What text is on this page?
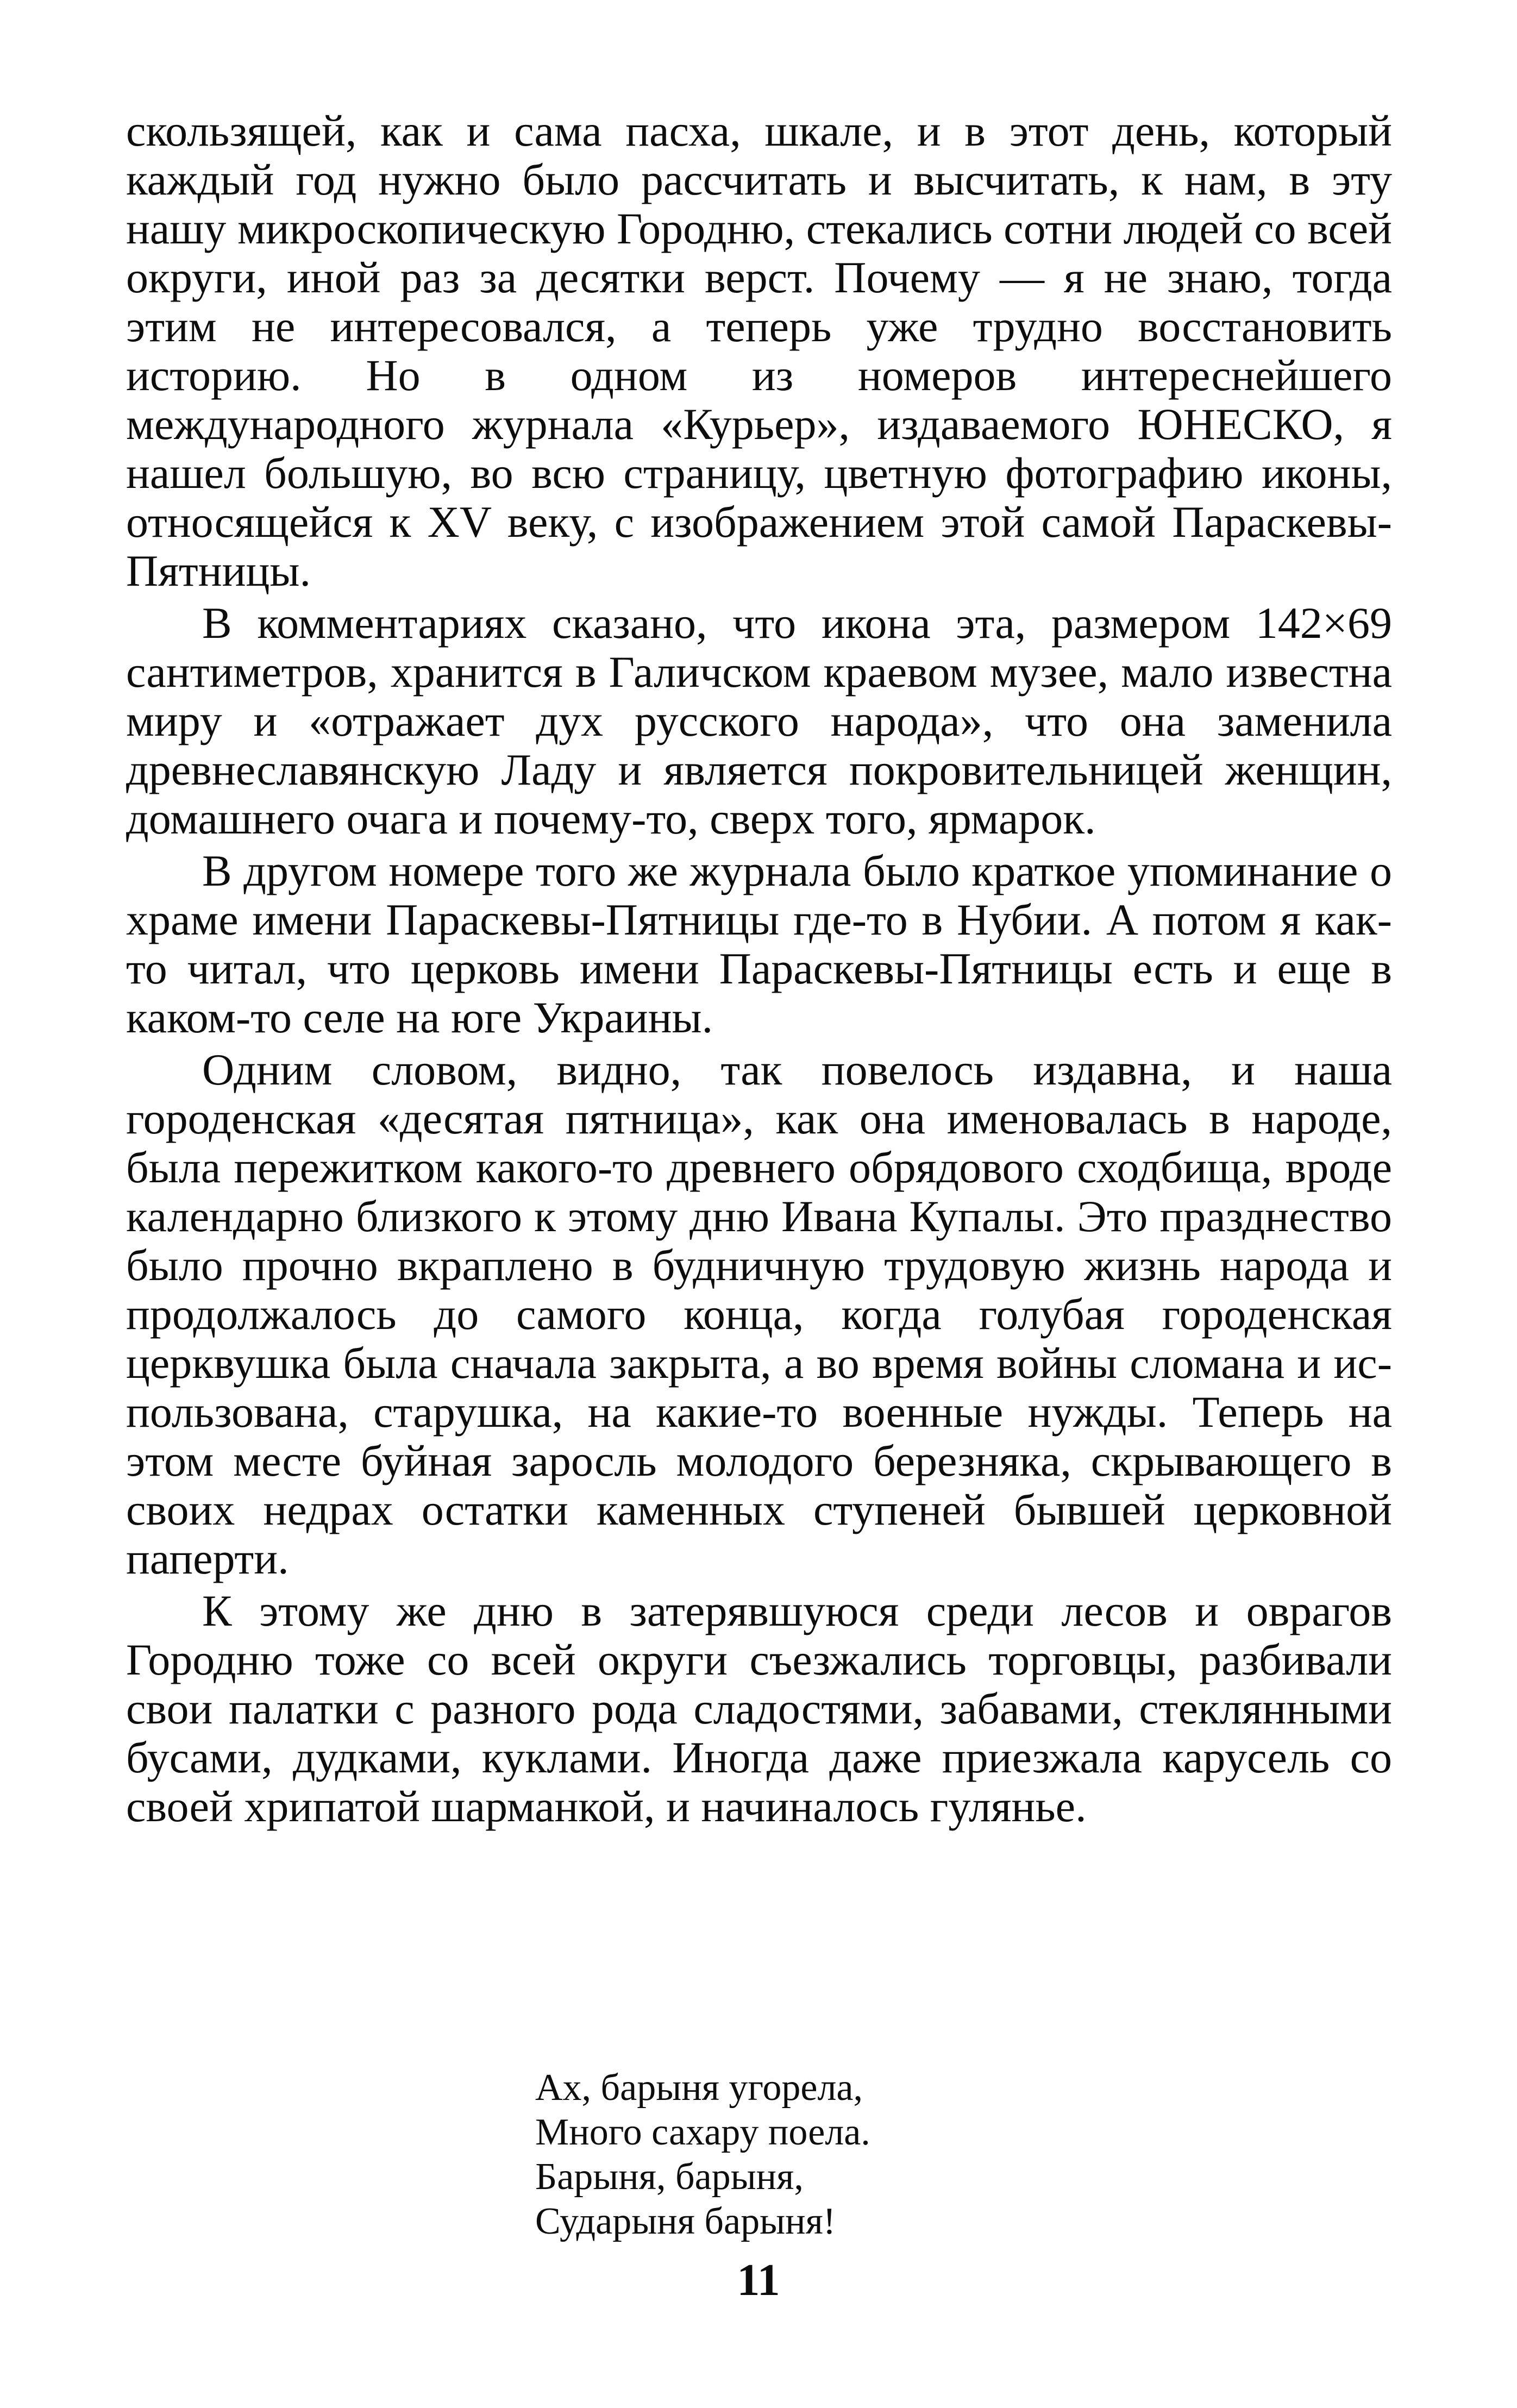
скользящей, как и сама пасха, шкале, и в этот день, который каждый год нужно было рассчитать и высчитать, к нам, в эту нашу микроскопическую Городню, стекались сотни людей со всей округи, иной раз за десятки верст. Почему — я не знаю, тогда этим не интересовался, а теперь уже трудно восстановить историю. Но в одном из номеров интереснейшего международного журнала «Курьер», издаваемого ЮНЕСКО, я нашел большую, во всю страницу, цветную фотографию иконы, относящейся к XV веку, с изображением этой самой Параскевы-Пятницы.

В комментариях сказано, что икона эта, размером 142×69 сантиметров, хранится в Галичском краевом музее, мало известна миру и «отражает дух русского народа», что она заменила древнеславянскую Ладу и является покровительницей женщин, домашнего очага и почему-то, сверх того, ярмарок.

В другом номере того же журнала было краткое упоминание о храме имени Параскевы-Пятницы где-то в Нубии. А потом я как-то читал, что церковь имени Параскевы-Пятницы есть и еще в каком-то селе на юге Украины.

Одним словом, видно, так повелось издавна, и наша городенская «десятая пятница», как она именовалась в народе, была пережитком какого-то древнего обрядового сходбища, вроде календарно близкого к этому дню Ивана Купалы. Это празднество было прочно вкраплено в будничную трудовую жизнь народа и продолжалось до самого конца, когда голубая городенская церквушка была сначала закрыта, а во время войны сломана и использована, старушка, на какие-то военные нужды. Теперь на этом месте буйная заросль молодого березняка, скрывающего в своих недрах остатки каменных ступеней бывшей церковной паперти.

К этому же дню в затерявшуюся среди лесов и оврагов Городню тоже со всей округи съезжались торговцы, разбивали свои палатки с разного рода сладостями, забавами, стеклянными бусами, дудками, куклами. Иногда даже приезжала карусель со своей хрипатой шарманкой, и начиналось гулянье.

Ах, барыня угорела,
Много сахару поела.
Барыня, барыня,
Сударыня барыня!
11
